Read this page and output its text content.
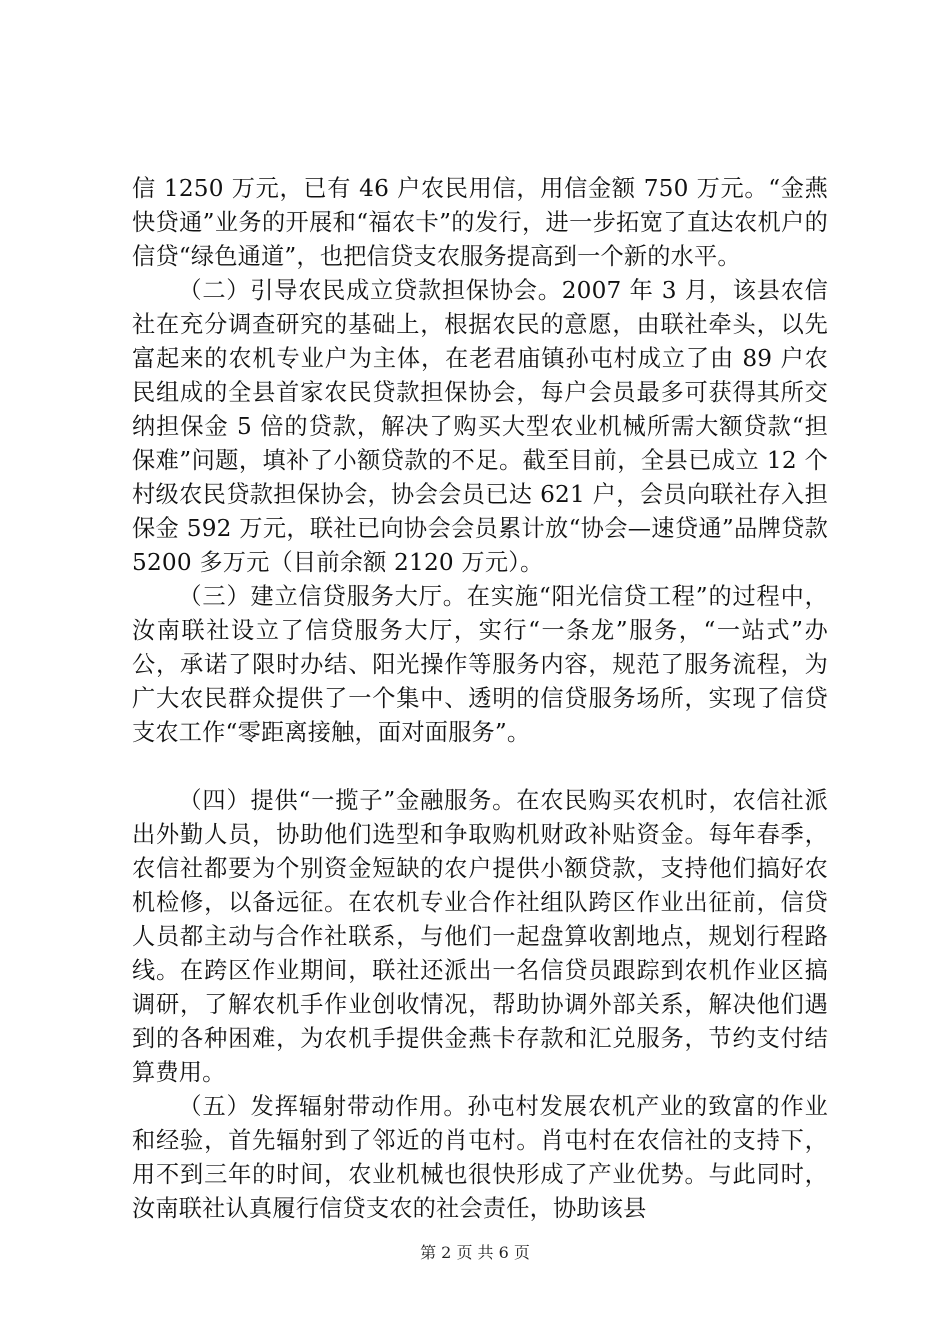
信 1250 万元，已有 46 户农民用信，用信金额 750 万元。“金燕快贷通”业务的开展和“福农卡”的发行，进一步拓宽了直达农机户的信贷“绿色通道”，也把信贷支农服务提高到一个新的水平。

（二）引导农民成立贷款担保协会。2007 年 3 月，该县农信社在充分调查研究的基础上，根据农民的意愿，由联社牵头，以先富起来的农机专业户为主体，在老君庙镇孙屯村成立了由 89 户农民组成的全县首家农民贷款担保协会，每户会员最多可获得其所交纳担保金 5 倍的贷款，解决了购买大型农业机械所需大额贷款“担保难”问题，填补了小额贷款的不足。截至目前，全县已成立 12 个村级农民贷款担保协会，协会会员已达 621 户，会员向联社存入担保金 592 万元，联社已向协会会员累计放“协会—速贷通”品牌贷款 5200 多万元（目前余额 2120 万元）。

（三）建立信贷服务大厅。在实施“阳光信贷工程”的过程中，汝南联社设立了信贷服务大厅，实行“一条龙”服务，“一站式”办公，承诺了限时办结、阳光操作等服务内容，规范了服务流程，为广大农民群众提供了一个集中、透明的信贷服务场所，实现了信贷支农工作“零距离接触，面对面服务”。

（四）提供“一揽子”金融服务。在农民购买农机时，农信社派出外勤人员，协助他们选型和争取购机财政补贴资金。每年春季，农信社都要为个别资金短缺的农户提供小额贷款，支持他们搞好农机检修，以备远征。在农机专业合作社组队跨区作业出征前，信贷人员都主动与合作社联系，与他们一起盘算收割地点，规划行程路线。在跨区作业期间，联社还派出一名信贷员跟踪到农机作业区搞调研，了解农机手作业创收情况，帮助协调外部关系，解决他们遇到的各种困难，为农机手提供金燕卡存款和汇兑服务，节约支付结算费用。

（五）发挥辐射带动作用。孙屯村发展农机产业的致富的作业和经验，首先辐射到了邻近的肖屯村。肖屯村在农信社的支持下，用不到三年的时间，农业机械也很快形成了产业优势。与此同时，汝南联社认真履行信贷支农的社会责任，协助该县

第 2 页 共 6 页
